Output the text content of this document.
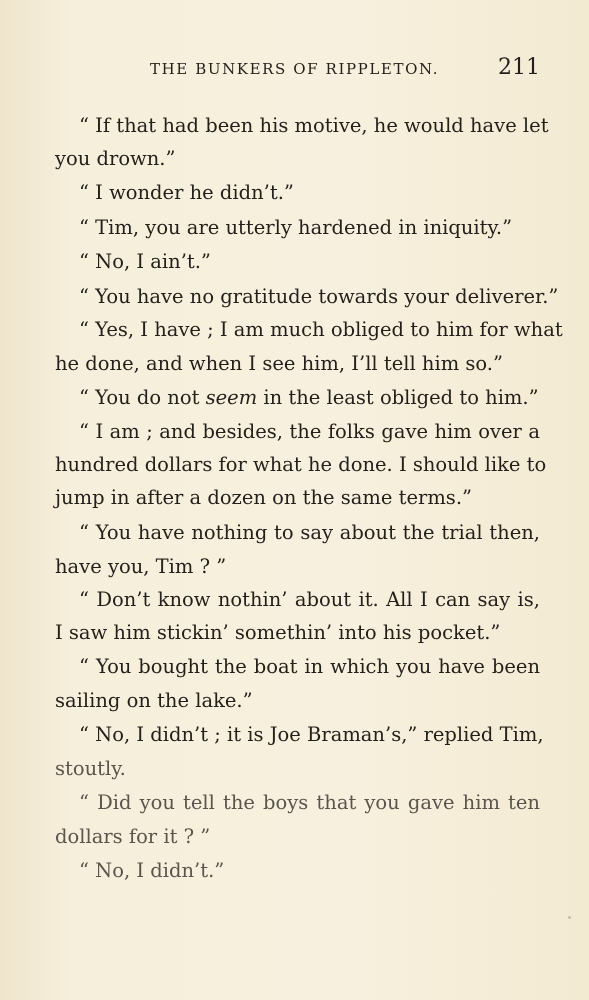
THE BUNKERS OF RIPPLETON.	211
“ If that had been his motive, he would have let
you drown.”
“ I wonder he didn’t.”
“ Tim, you are utterly hardened in iniquity.”
“ No, I ain’t.”
“ You have no gratitude towards your deliverer.”
“ Yes, I have ; I am much obliged to him for what
he done, and when I see him, I’ll tell him so.”
“ You do not seem in the least obliged to him.”
“ I am ; and besides, the folks gave him over a
hundred dollars for what he done. I should like to
jump in after a dozen on the same terms.”
“ You have nothing to say about the trial then,
have you, Tim ? ”
“ Don’t know nothin’ about it. All I can say is,
I saw him stickin’ somethin’ into his pocket.”
“ You bought the boat in which you have been
sailing on the lake.”
“ No, I didn’t ; it is Joe Braman’s,” replied Tim,
stoutly.
“ Did you tell the boys that you gave him ten
dollars for it ? ”
“ No, I didn’t.”
